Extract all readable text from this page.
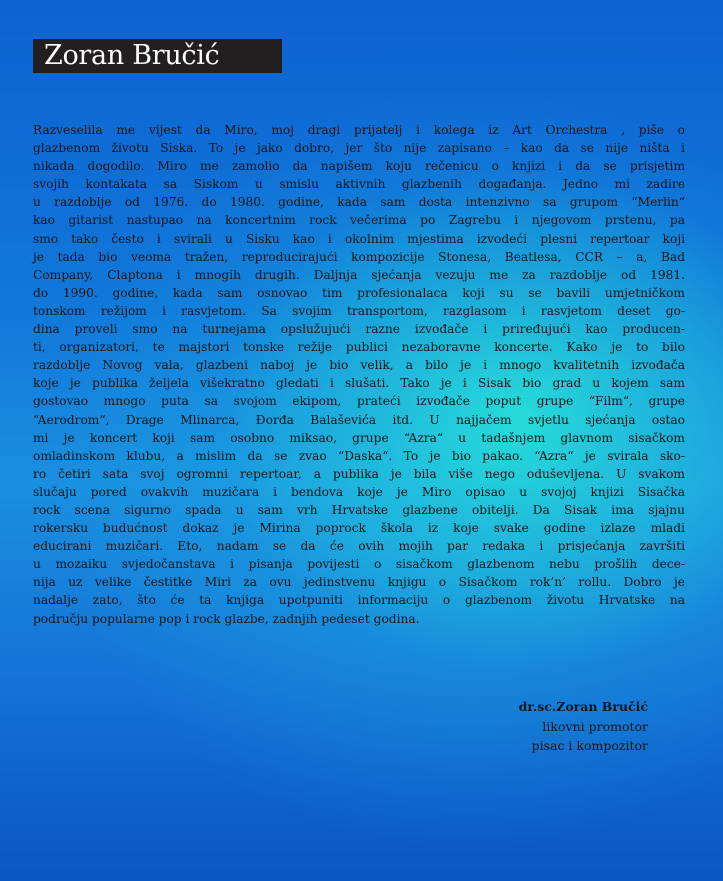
Zoran Bručić
Razveselila me vijest da Miro, moj dragi prijatelj i kolega iz Art Orchestra , piše o
glazbenom životu Siska. To je jako dobro, jer što nije zapisano – kao da se nije ništa i
nikada dogodilo. Miro me zamolio da napišem koju rečenicu o knjizi i da se prisjetim
svojih kontakata sa Siskom u smislu aktivnih glazbenih događanja. Jedno mi zadire
u razdoblje od 1976. do 1980. godine, kada sam dosta intenzivno sa grupom “Merlin“
kao gitarist nastupao na koncertnim rock večerima po Zagrebu i njegovom prstenu, pa
smo tako često i svirali u Sisku kao i okolnim mjestima izvodeći plesni repertoar koji
je tada bio veoma tražen, reproducirajući kompozicije Stonesa, Beatlesa, CCR – a, Bad
Company, Claptona i mnogih drugih. Daljnja sjećanja vezuju me za razdoblje od 1981.
do 1990. godine, kada sam osnovao tim profesionalaca koji su se bavili umjetničkom
tonskom režijom i rasvjetom. Sa svojim transportom, razglasom i rasvjetom deset go-
dina proveli smo na turnejama opslužujući razne izvođače i priređujući kao producen-
ti, organizatori, te majstori tonske režije publici nezaboravne koncerte. Kako je to bilo
razdoblje Novog vala, glazbeni naboj je bio velik, a bilo je i mnogo kvalitetnih izvođača
koje je publika željela višekratno gledati i slušati. Tako je i Sisak bio grad u kojem sam
gostovao mnogo puta sa svojom ekipom, prateći izvođače poput grupe “Film“, grupe
“Aerodrom“, Drage Mlinarca, Đorđa Balaševića itd. U najjačem svjetlu sjećanja ostao
mi je koncert koji sam osobno miksao, grupe “Azra“ u tadašnjem glavnom sisačkom
omladinskom klubu, a mislim da se zvao “Daska“. To je bio pakao. “Azra“ je svirala sko-
ro četiri sata svoj ogromni repertoar, a publika je bila više nego oduševljena. U svakom
slučaju pored ovakvih muzičara i bendova koje je Miro opisao u svojoj knjizi Sisačka
rock scena sigurno spada u sam vrh Hrvatske glazbene obitelji. Da Sisak ima sjajnu
rokersku budućnost dokaz je Mirina poprock škola iz koje svake godine izlaze mladi
educirani muzičari. Eto, nadam se da će ovih mojih par redaka i prisjećanja završiti
u mozaiku svjedočanstava i pisanja povijesti o sisačkom glazbenom nebu prošlih dece-
nija uz velike čestitke Miri za ovu jedinstvenu knjigu o Sisačkom rok’n’ rollu. Dobro je
nadalje zato, što će ta knjiga upotpuniti informaciju o glazbenom životu Hrvatske na
području popularne pop i rock glazbe, zadnjih pedeset godina.
dr.sc.Zoran Bručić
likovni promotor
pisac i kompozitor
